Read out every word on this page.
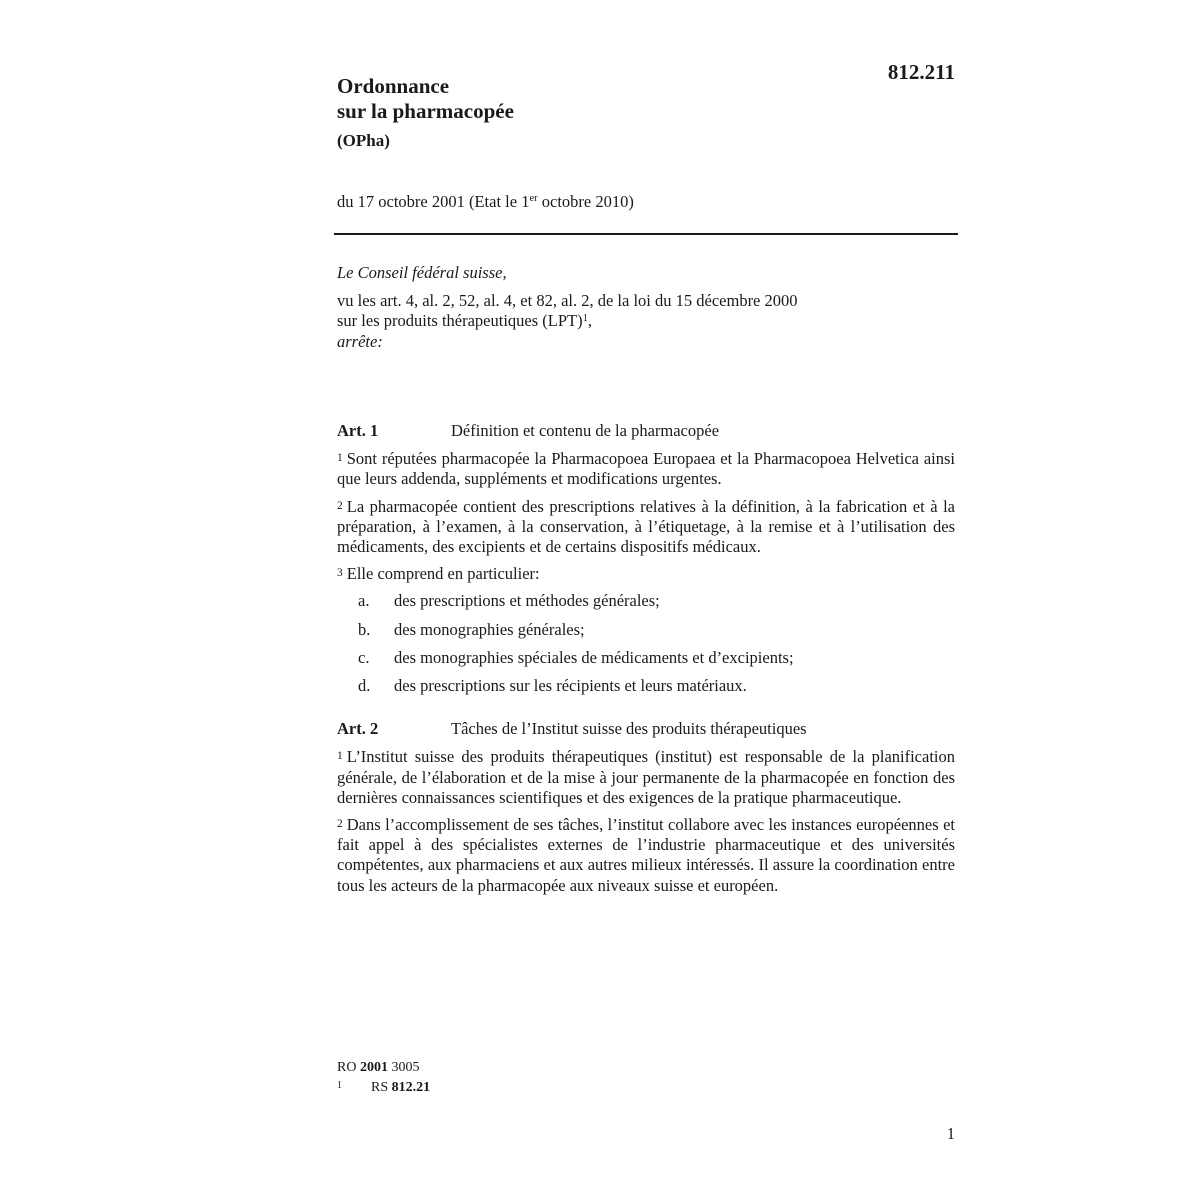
812.211
Ordonnance
sur la pharmacopée
(OPha)
du 17 octobre 2001 (Etat le 1er octobre 2010)

Le Conseil fédéral suisse,

vu les art. 4, al. 2, 52, al. 4, et 82, al. 2, de la loi du 15 décembre 2000

sur les produits thérapeutiques (LPT)$^1$,

arrête:

Art. 1	Définition et contenu de la pharmacopée

1 Sont réputées pharmacopée la Pharmacopoea Europaea et la Pharmacopoea Helvetica ainsi que leurs addenda, suppléments et modifications urgentes.

2 La pharmacopée contient des prescriptions relatives à la définition, à la fabrication et à la préparation, à l’examen, à la conservation, à l’étiquetage, à la remise et à l’utilisation des médicaments, des excipients et de certains dispositifs médicaux.

3 Elle comprend en particulier:

a.	des prescriptions et méthodes générales;
b.	des monographies générales;
c.	des monographies spéciales de médicaments et d’excipients;
d.	des prescriptions sur les récipients et leurs matériaux.
Art. 2	Tâches de l’Institut suisse des produits thérapeutiques

1 L’Institut suisse des produits thérapeutiques (institut) est responsable de la planification générale, de l’élaboration et de la mise à jour permanente de la pharmacopée en fonction des dernières connaissances scientifiques et des exigences de la pratique pharmaceutique.

2 Dans l’accomplissement de ses tâches, l’institut collabore avec les instances européennes et fait appel à des spécialistes externes de l’industrie pharmaceutique et des universités compétentes, aux pharmaciens et aux autres milieux intéressés. Il assure la coordination entre tous les acteurs de la pharmacopée aux niveaux suisse et européen.

RO 2001 3005
1	RS 812.21
1
